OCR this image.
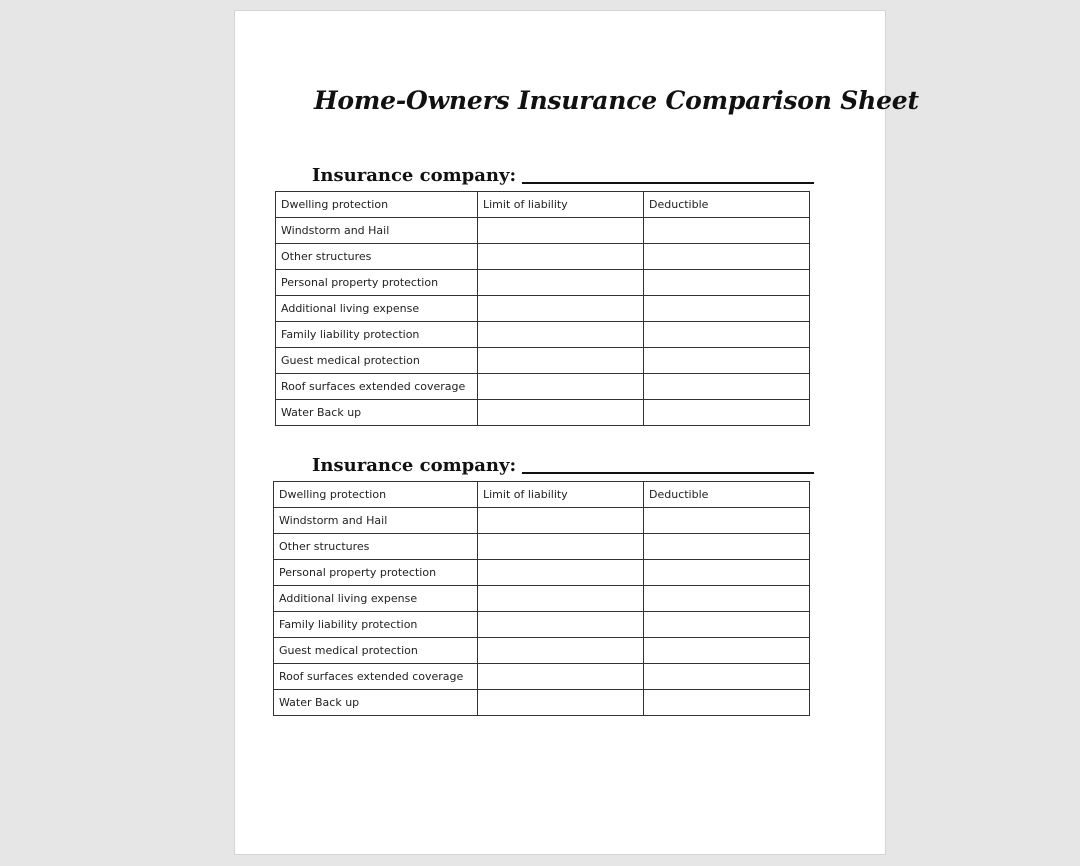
Home-Owners Insurance Comparison Sheet
Insurance company:
Dwelling protection	Limit of liability	Deductible
Windstorm and Hail		
Other structures		
Personal property protection		
Additional living expense		
Family liability protection		
Guest medical protection		
Roof surfaces extended coverage		
Water Back up		
Insurance company:
Dwelling protection	Limit of liability	Deductible
Windstorm and Hail		
Other structures		
Personal property protection		
Additional living expense		
Family liability protection		
Guest medical protection		
Roof surfaces extended coverage		
Water Back up		
